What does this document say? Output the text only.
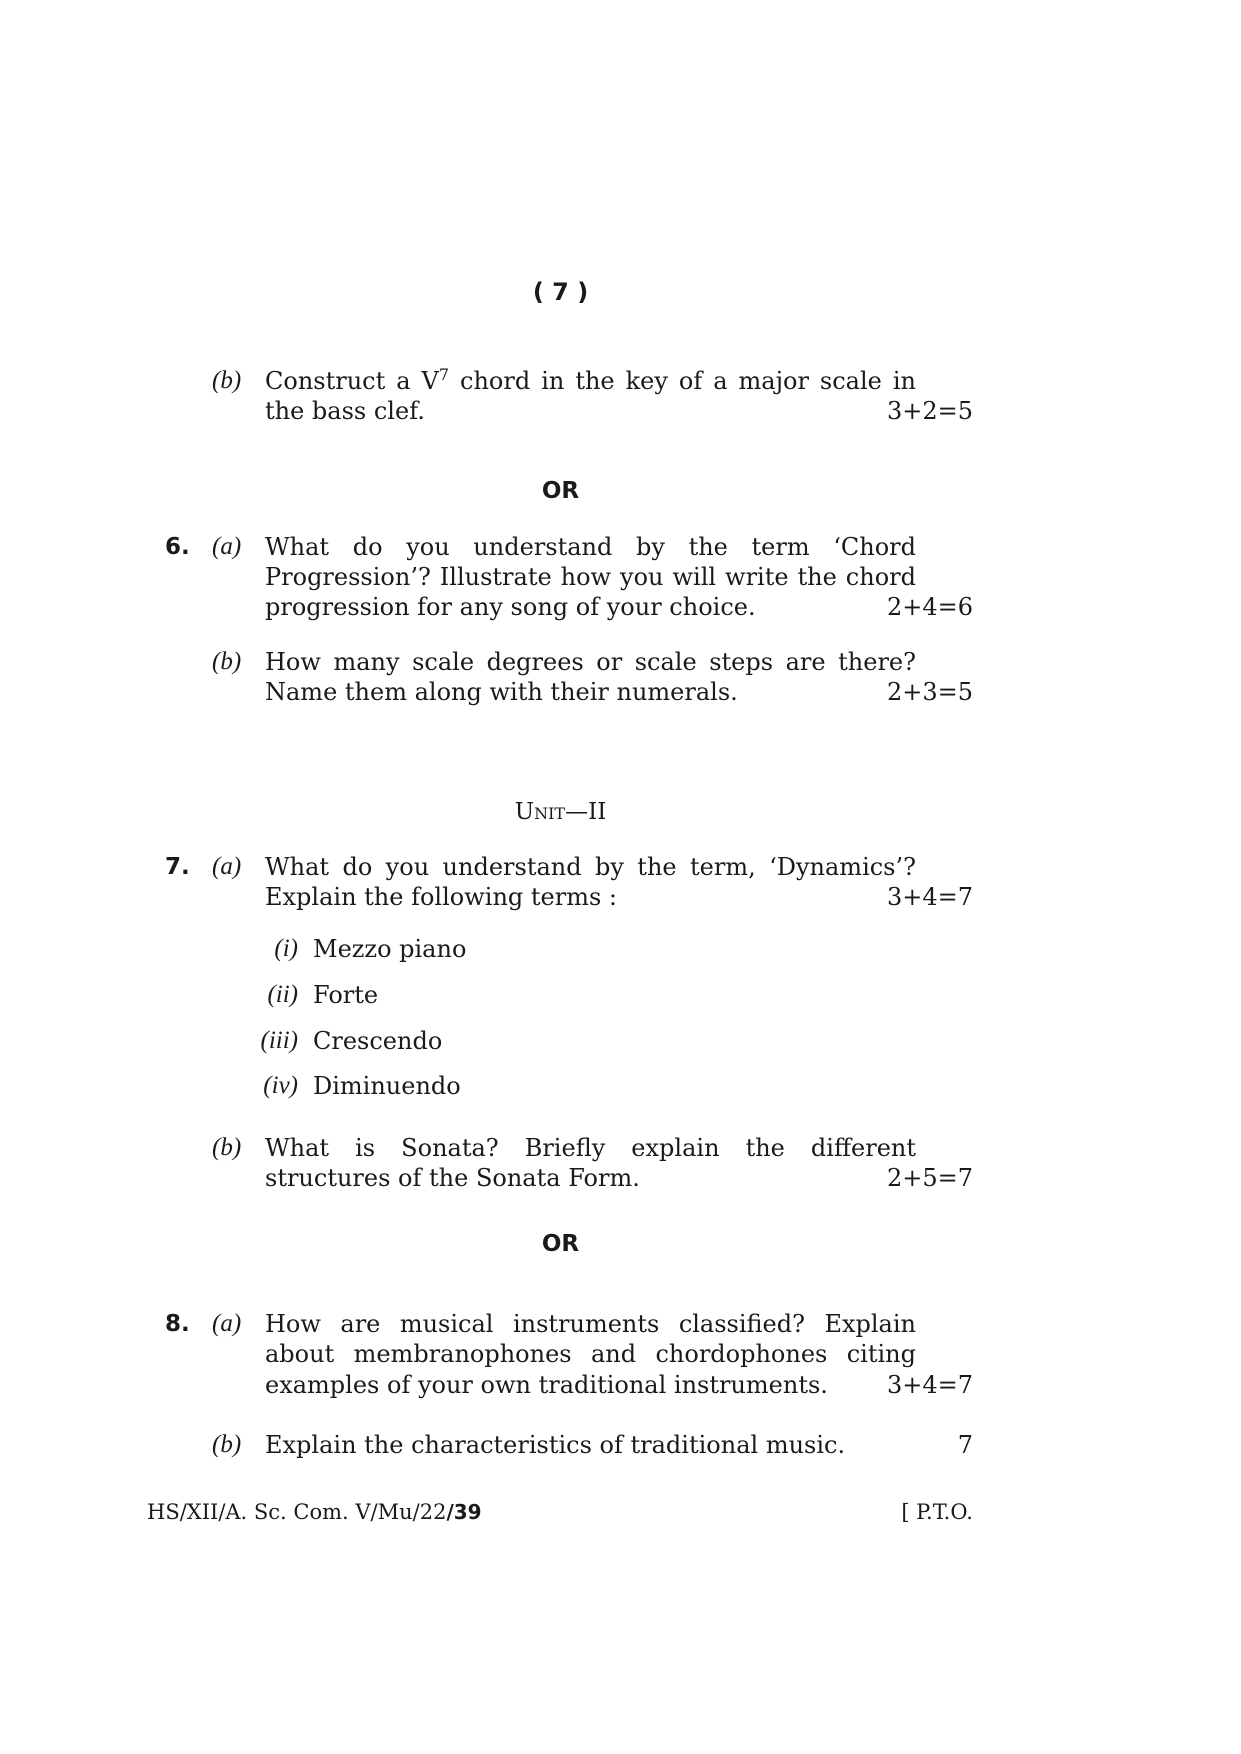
( 7 )
(b) Construct a $V^7$ chord in the key of a major scale in
the bass clef.	3+2=5
OR
6. (a) What do you understand by the term ‘Chord
Progression’? Illustrate how you will write the chord
progression for any song of your choice.	2+4=6
(b) How many scale degrees or scale steps are there?
Name them along with their numerals.	2+3=5
Unit—II
7. (a) What do you understand by the term, ‘Dynamics’?
Explain the following terms :	3+4=7
(i) Mezzo piano
(ii) Forte
(iii) Crescendo
(iv) Diminuendo
(b) What is Sonata? Briefly explain the different
structures of the Sonata Form.	2+5=7
OR
8. (a) How are musical instruments classified? Explain
about membranophones and chordophones citing
examples of your own traditional instruments. 3+4=7
(b) Explain the characteristics of traditional music.	7
HS/XII/A. Sc. Com. V/Mu/22/39	[ P.T.O.
